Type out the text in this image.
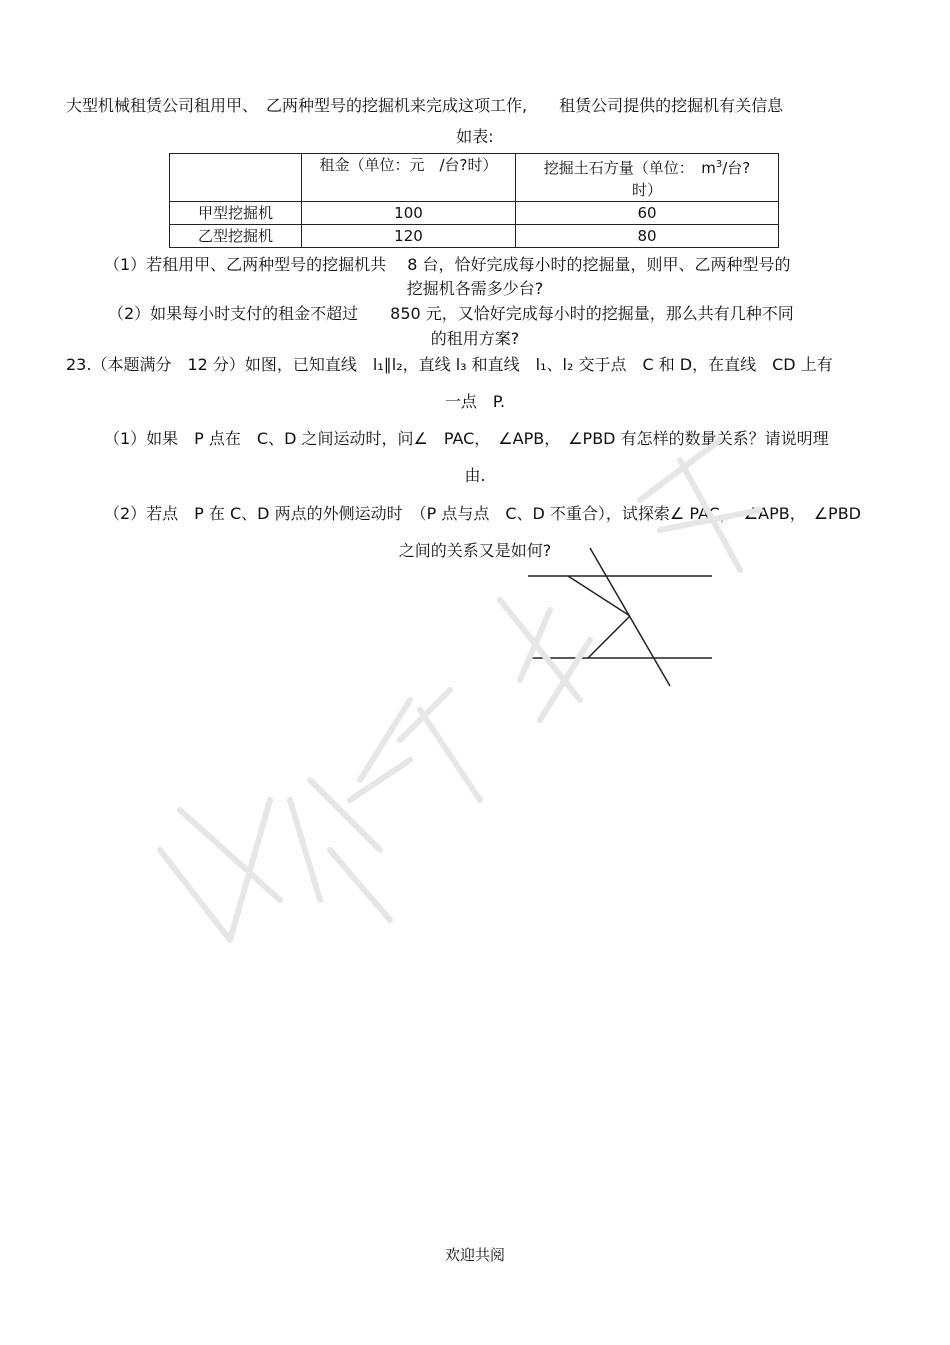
大型机械租赁公司租用甲、　乙两种型号的挖掘机来完成这项工作,　　租赁公司提供的挖掘机有关信息
如表:
	租金（单位：元　/台?时）	挖掘土石方量（单位：　$m^3/$台?
时）
甲型挖掘机	100	60
乙型挖掘机	120	80
（1）若租用甲、乙两种型号的挖掘机共　 8 台，恰好完成每小时的挖掘量，则甲、乙两种型号的
挖掘机各需多少台?
（2）如果每小时支付的租金不超过　　850 元，又恰好完成每小时的挖掘量，那么共有几种不同
的租用方案?
23.（本题满分　12 分）如图，已知直线　l₁∥l₂，直线 l₃ 和直线　l₁、l₂ 交于点　C 和 D，在直线　CD 上有
一点　P.
（1）如果　P 点在　C、D 之间运动时，问∠　PAC，　∠APB，　∠PBD 有怎样的数量关系？请说明理
由.
（2）若点　P 在 C、D 两点的外侧运动时　（P 点与点　C、D 不重合），试探索∠ PAC，　∠APB，　∠PBD
之间的关系又是如何?
欢迎共阅
